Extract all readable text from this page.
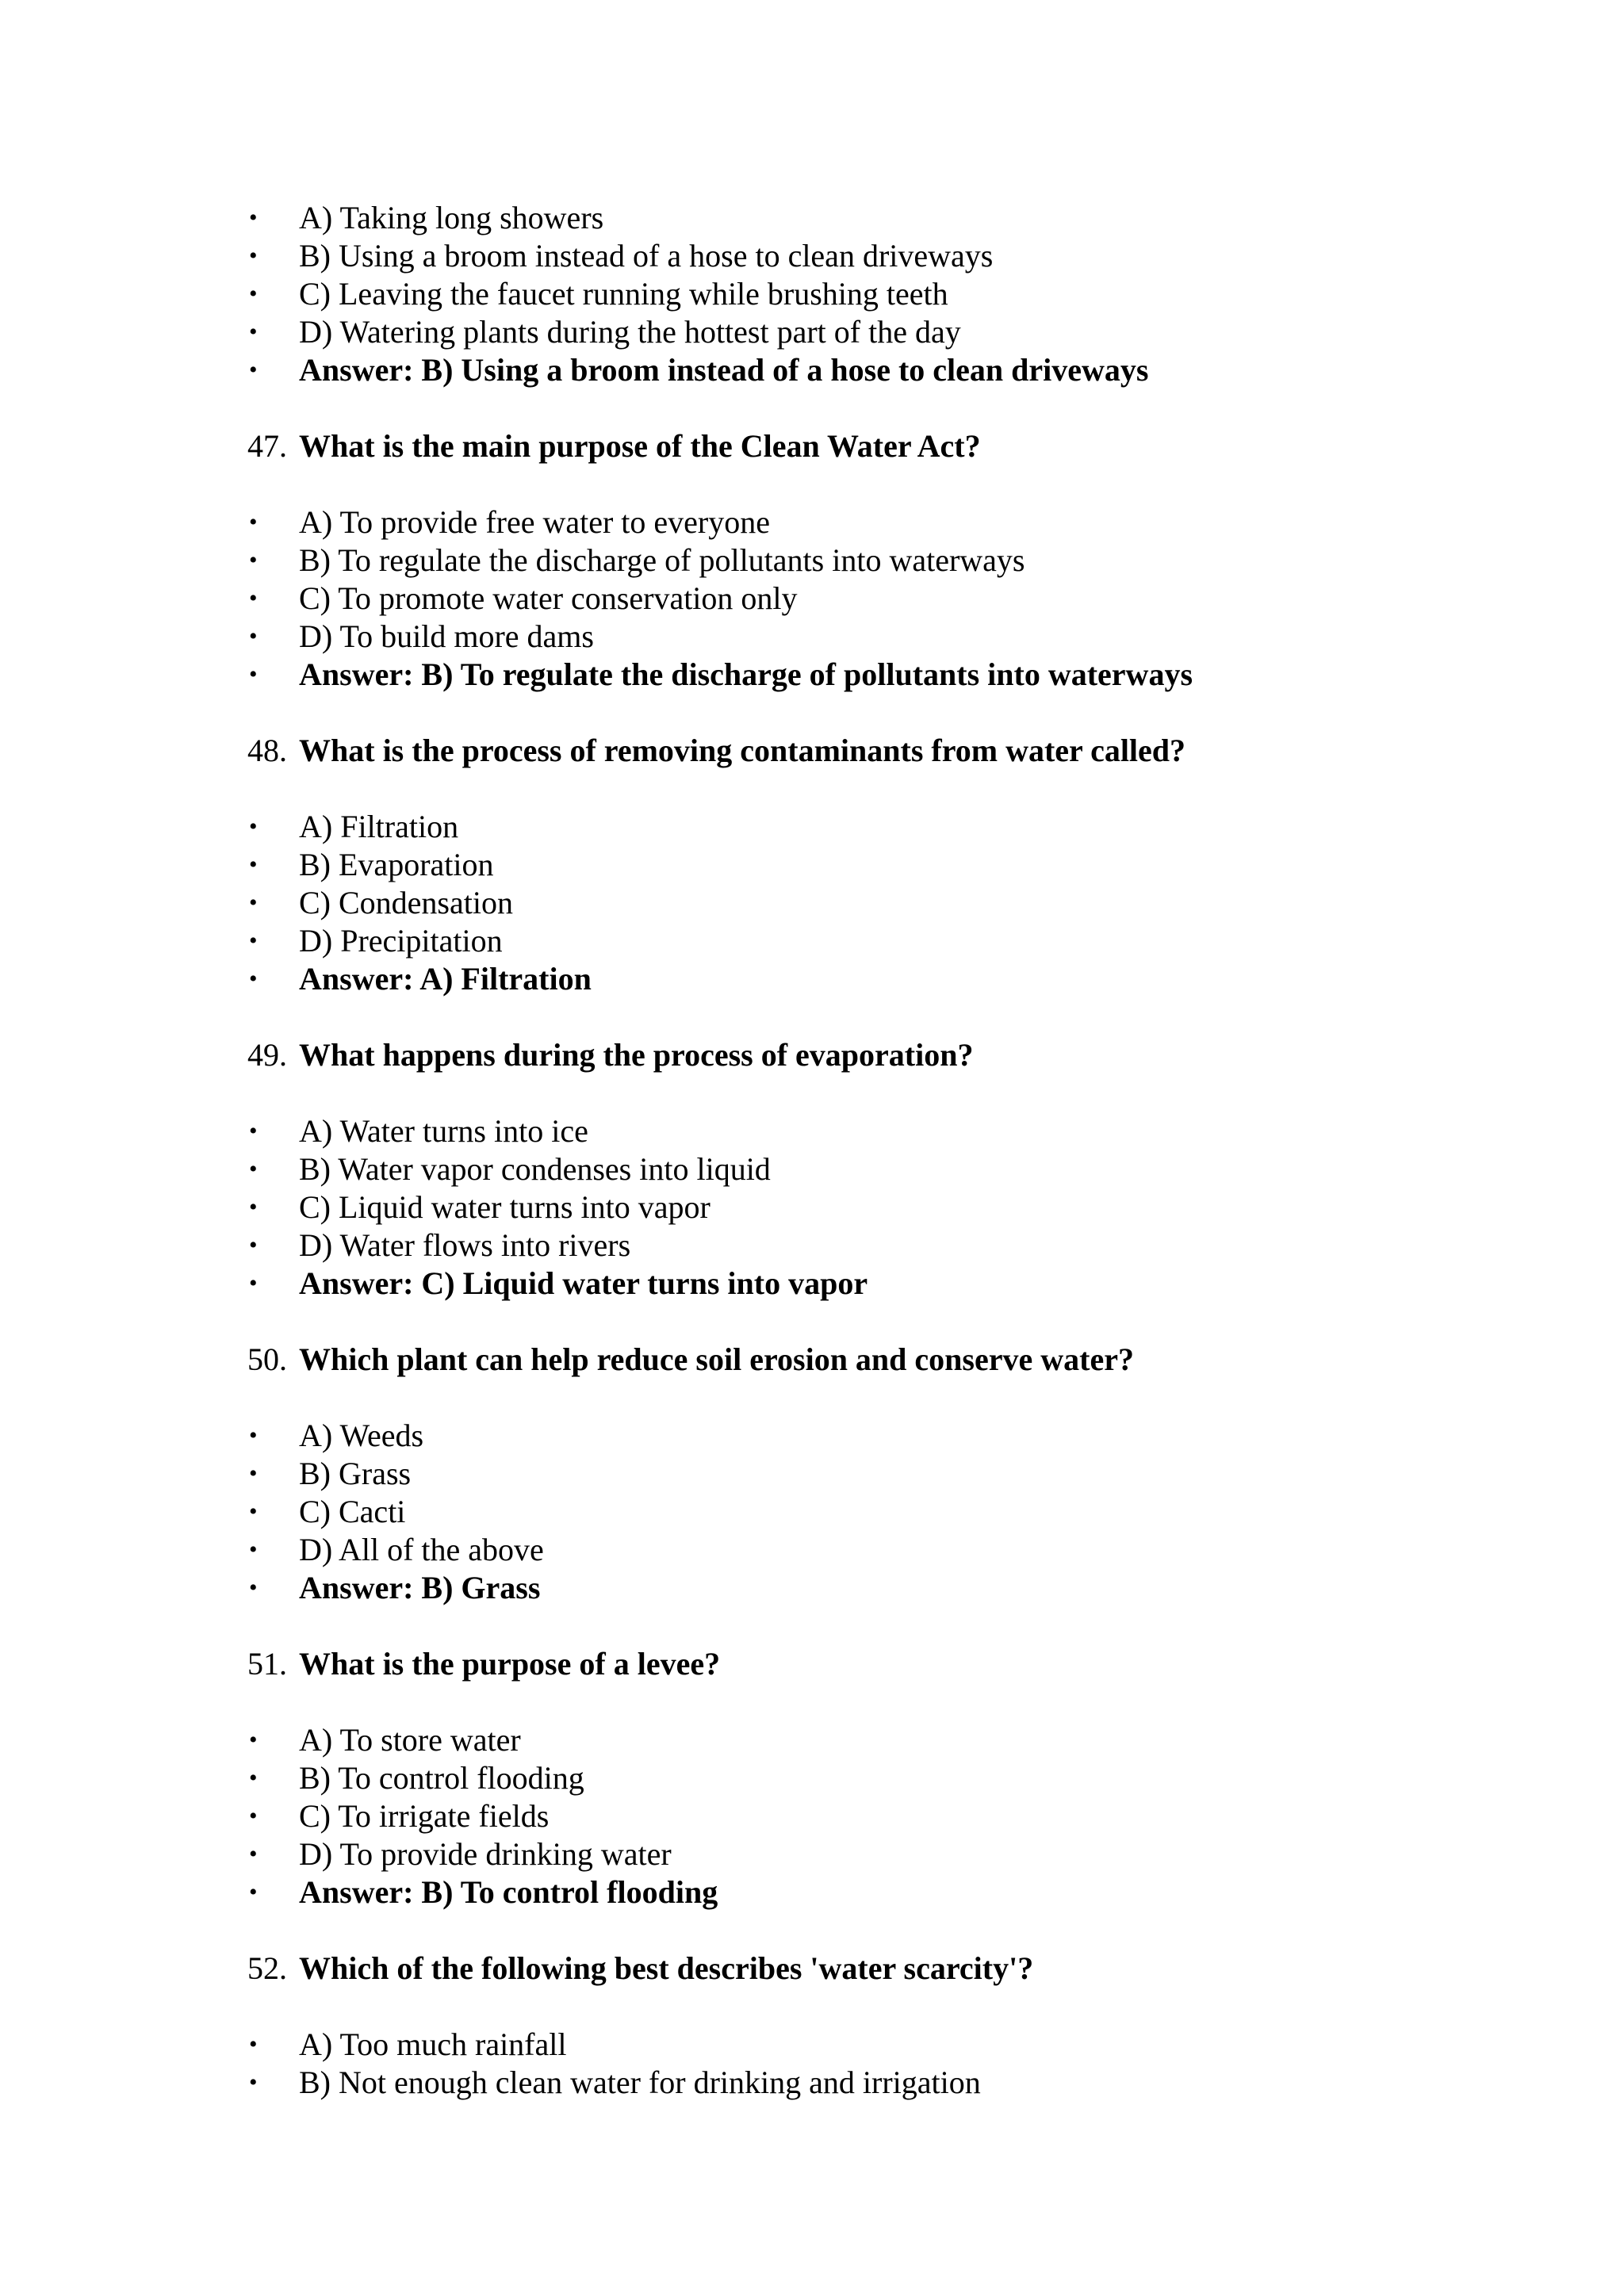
• A) Taking long showers
• B) Using a broom instead of a hose to clean driveways
• C) Leaving the faucet running while brushing teeth
• D) Watering plants during the hottest part of the day
• Answer: B) Using a broom instead of a hose to clean driveways
47. What is the main purpose of the Clean Water Act?
• A) To provide free water to everyone
• B) To regulate the discharge of pollutants into waterways
• C) To promote water conservation only
• D) To build more dams
• Answer: B) To regulate the discharge of pollutants into waterways
48. What is the process of removing contaminants from water called?
• A) Filtration
• B) Evaporation
• C) Condensation
• D) Precipitation
• Answer: A) Filtration
49. What happens during the process of evaporation?
• A) Water turns into ice
• B) Water vapor condenses into liquid
• C) Liquid water turns into vapor
• D) Water flows into rivers
• Answer: C) Liquid water turns into vapor
50. Which plant can help reduce soil erosion and conserve water?
• A) Weeds
• B) Grass
• C) Cacti
• D) All of the above
• Answer: B) Grass
51. What is the purpose of a levee?
• A) To store water
• B) To control flooding
• C) To irrigate fields
• D) To provide drinking water
• Answer: B) To control flooding
52. Which of the following best describes 'water scarcity'?
• A) Too much rainfall
• B) Not enough clean water for drinking and irrigation
